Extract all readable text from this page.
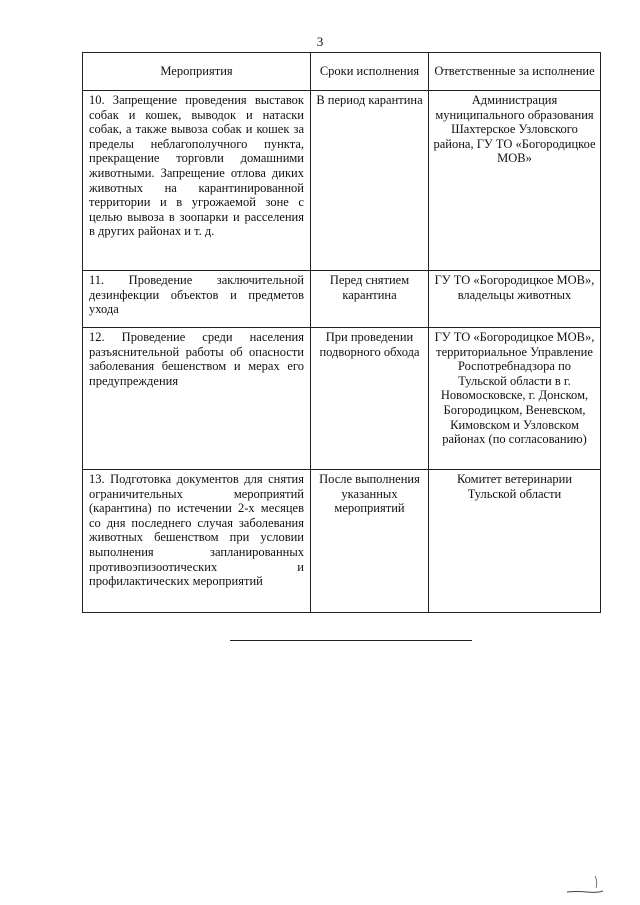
3
Мероприятия	Сроки исполнения	Ответственные за исполнение
10. Запрещение проведения выставок собак и кошек, выводок и натаски собак, а также вывоза собак и кошек за пределы неблагополучного пункта, прекращение торговли домашними животными. Запрещение отлова диких животных на карантинированной территории и в угрожаемой зоне с целью вывоза в зоопарки и расселения в других районах и т. д.	В период карантина	Администрация муниципального образования Шахтерское Узловского района, ГУ ТО «Богородицкое МОВ»
11. Проведение заключительной дезинфекции объектов и предметов ухода	Перед снятием карантина	ГУ ТО «Богородицкое МОВ», владельцы животных
12. Проведение среди населения разъяснительной работы об опасности заболевания бешенством и мерах его предупреждения	При проведении подворного обхода	ГУ ТО «Богородицкое МОВ», территориальное Управление Роспотребнадзора по Тульской области в г. Новомосковске, г. Донском, Богородицком, Веневском, Кимовском и Узловском районах (по согласованию)
13. Подготовка документов для снятия ограничительных мероприятий (карантина) по истечении 2-х месяцев со дня последнего случая заболевания животных бешенством при условии выполнения запланированных противоэпизоотических и профилактических мероприятий	После выполнения указанных мероприятий	Комитет ветеринарии Тульской области
